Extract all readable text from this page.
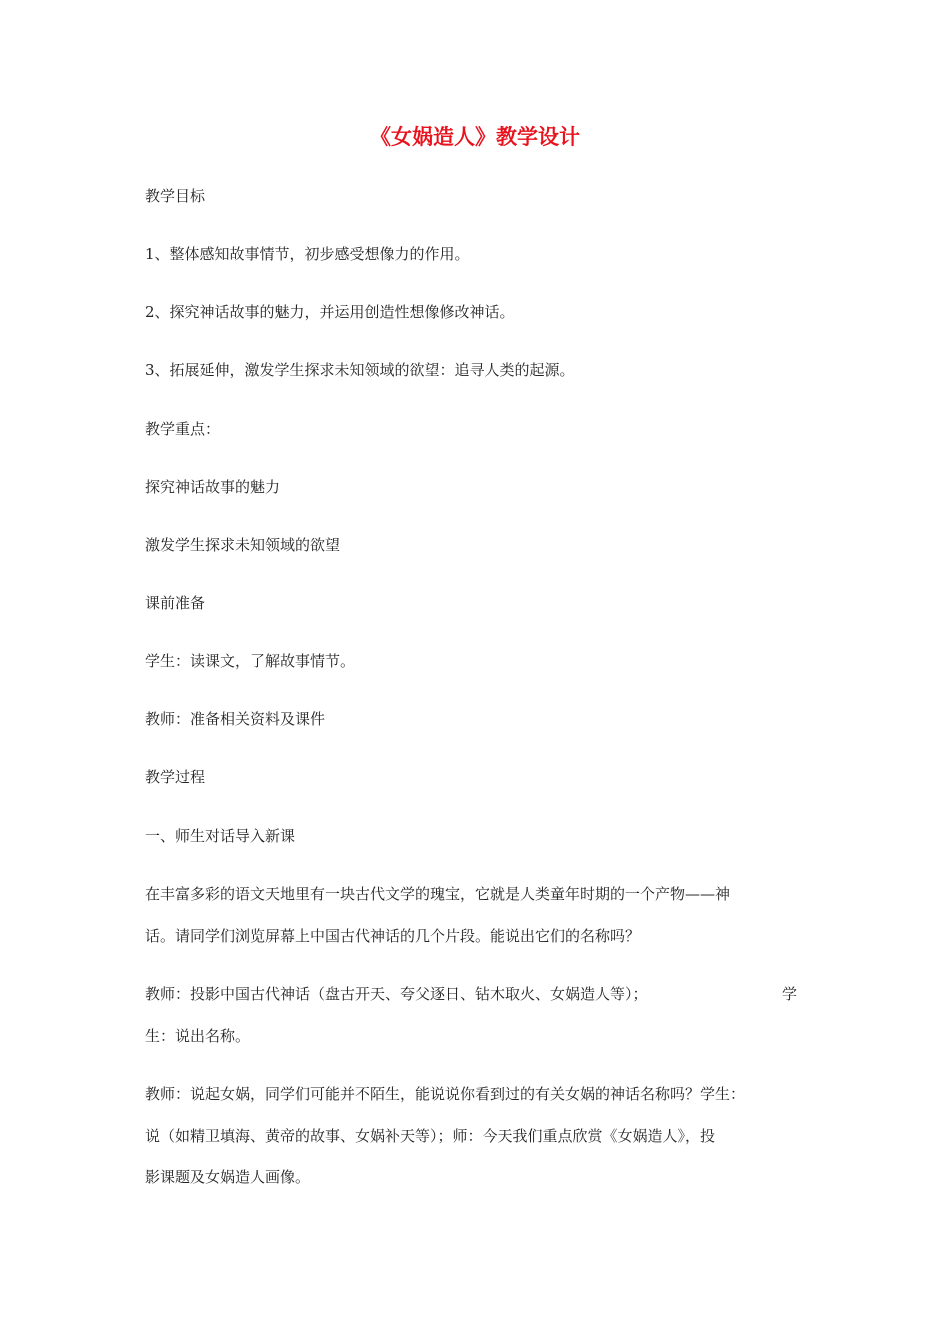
《女娲造人》教学设计
教学目标
1、整体感知故事情节，初步感受想像力的作用。
2、探究神话故事的魅力，并运用创造性想像修改神话。
3、拓展延伸，激发学生探求未知领域的欲望：追寻人类的起源。
教学重点：
探究神话故事的魅力
激发学生探求未知领域的欲望
课前准备
学生：读课文，了解故事情节。
教师：准备相关资料及课件
教学过程
一、师生对话导入新课
在丰富多彩的语文天地里有一块古代文学的瑰宝，它就是人类童年时期的一个产物——神
话。请同学们浏览屏幕上中国古代神话的几个片段。能说出它们的名称吗？
教师：投影中国古代神话（盘古开天、夸父逐日、钻木取火、女娲造人等）；	学
生：说出名称。
教师：说起女娲，同学们可能并不陌生，能说说你看到过的有关女娲的神话名称吗？学生：
说（如精卫填海、黄帝的故事、女娲补天等）；师：今天我们重点欣赏《女娲造人》，投
影课题及女娲造人画像。
